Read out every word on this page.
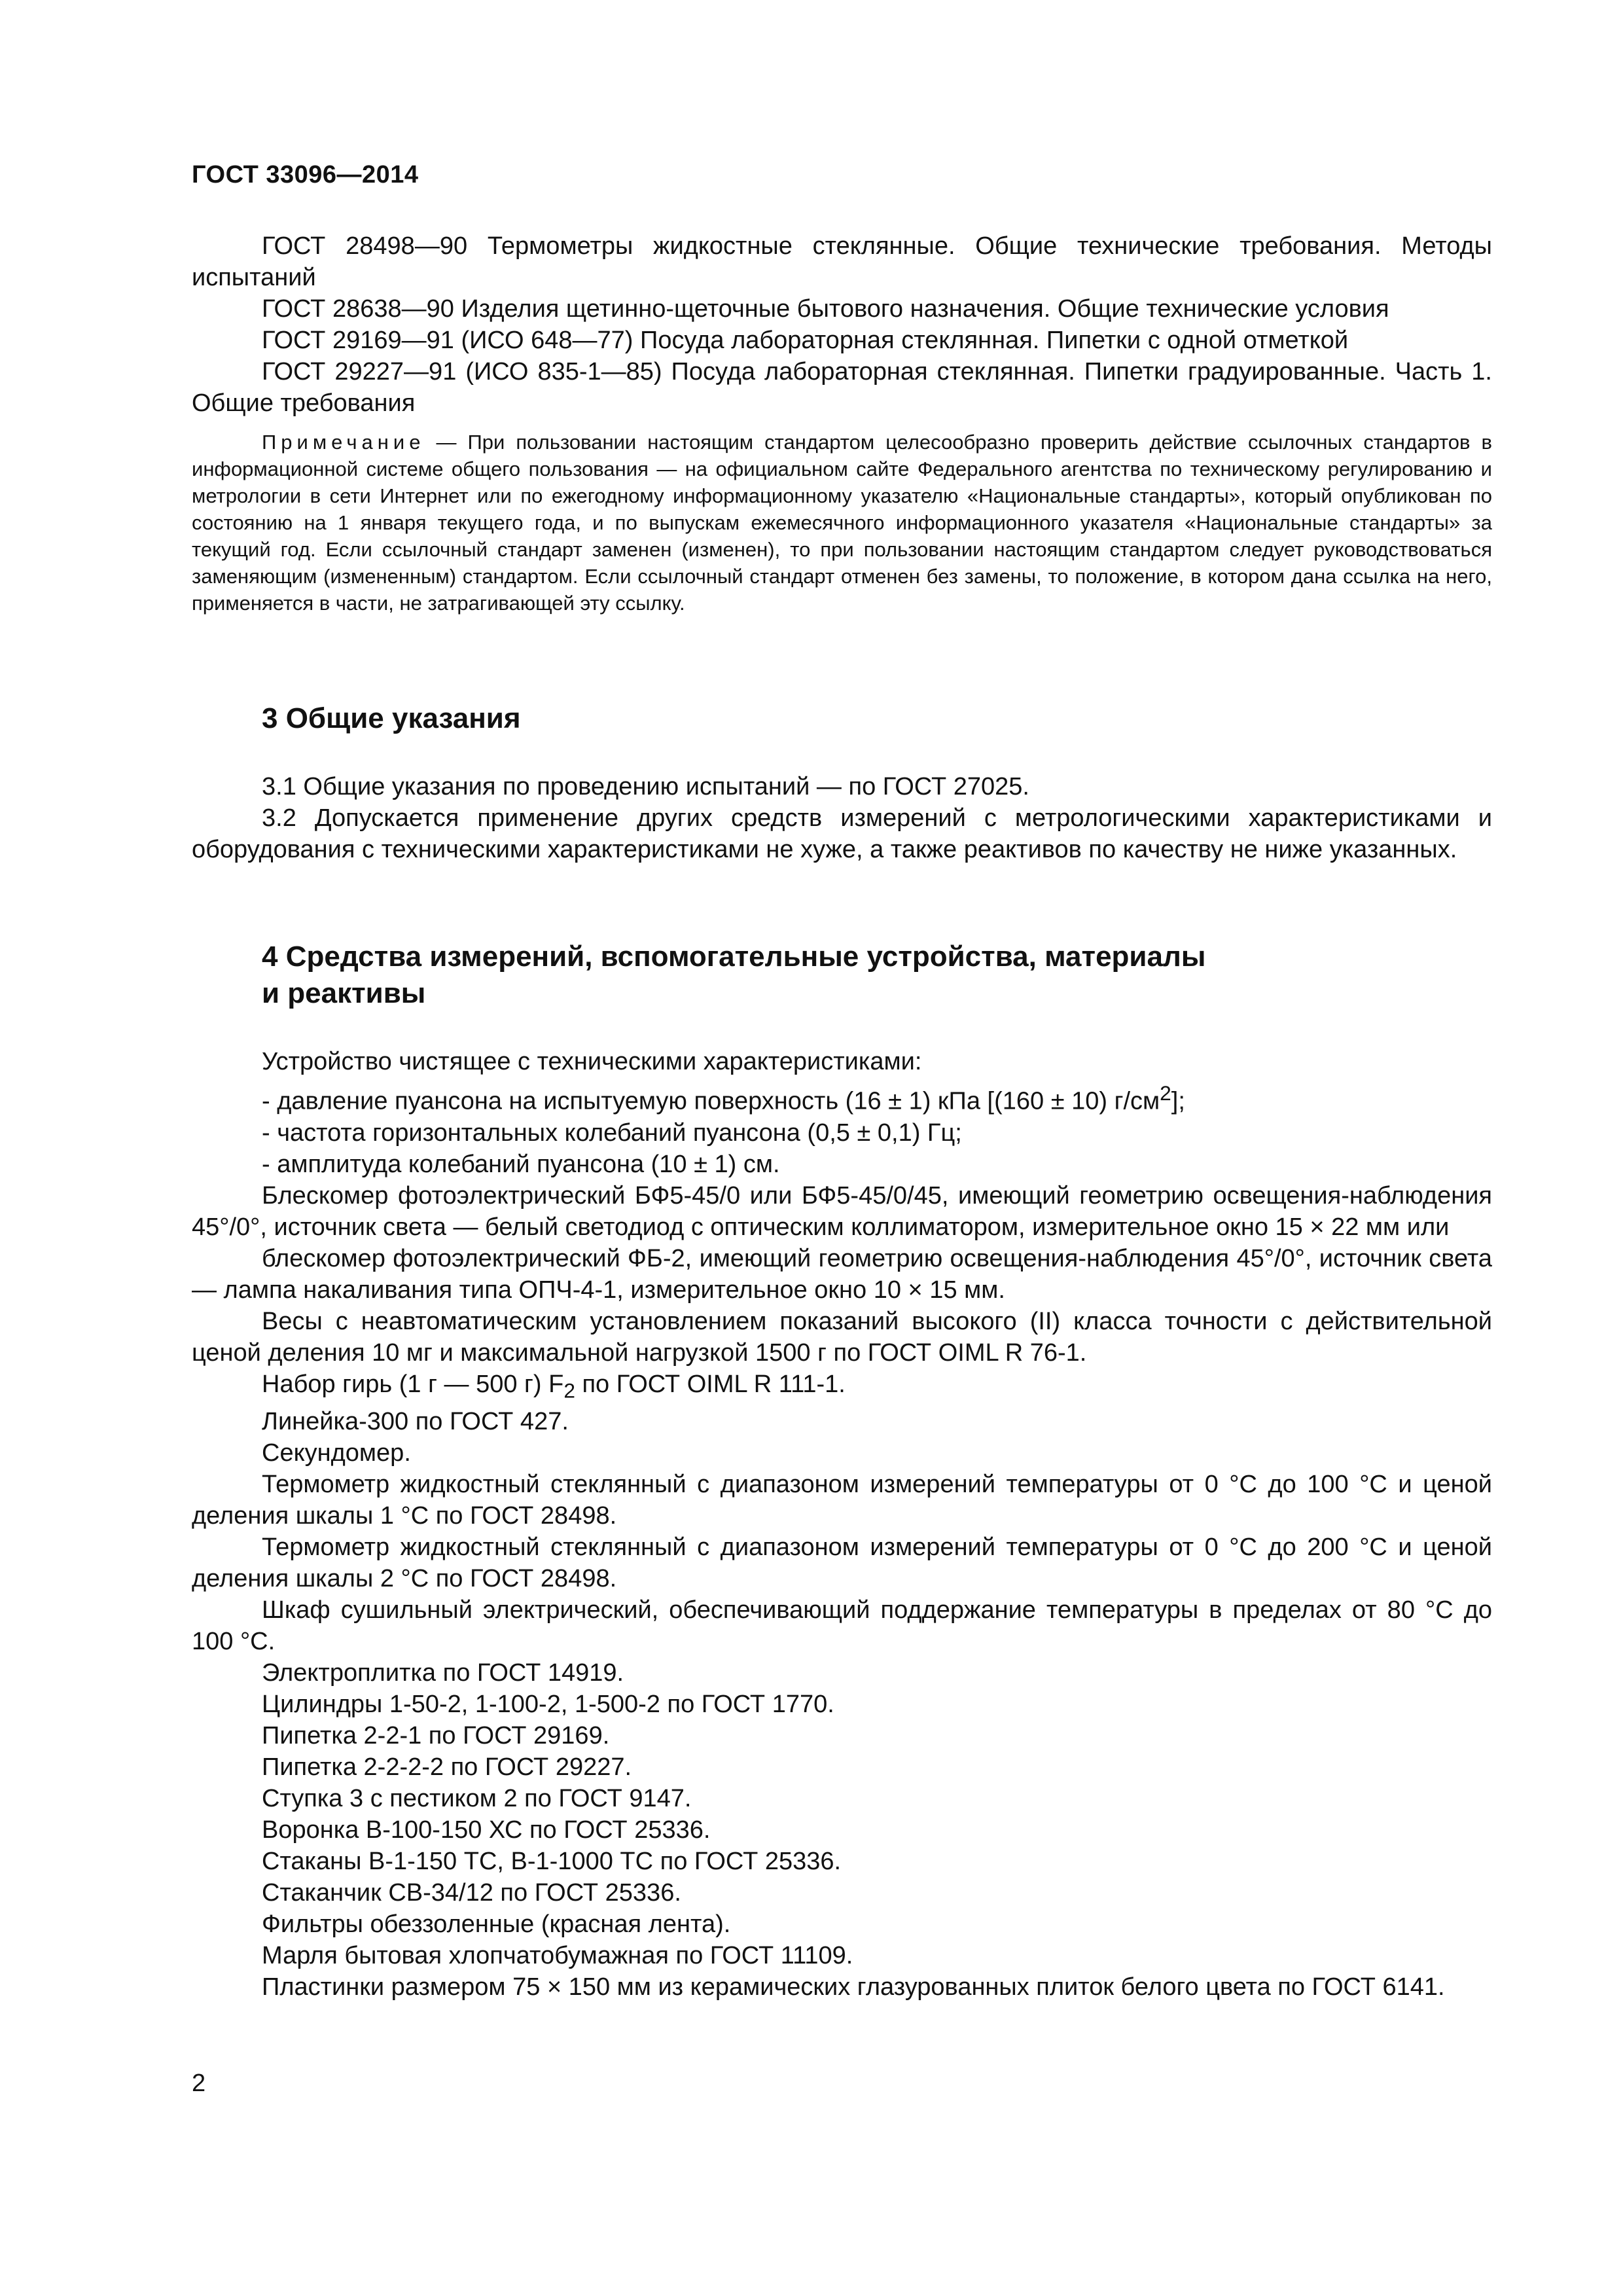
ГОСТ 33096—2014

ГОСТ 28498—90 Термометры жидкостные стеклянные. Общие технические требования. Методы испытаний

ГОСТ 28638—90 Изделия щетинно-щеточные бытового назначения. Общие технические условия

ГОСТ 29169—91 (ИСО 648—77) Посуда лабораторная стеклянная. Пипетки с одной отметкой

ГОСТ 29227—91 (ИСО 835-1—85) Посуда лабораторная стеклянная. Пипетки градуированные. Часть 1. Общие требования

Примечание — При пользовании настоящим стандартом целесообразно проверить действие ссылочных стандартов в информационной системе общего пользования — на официальном сайте Федерального агентства по техническому регулированию и метрологии в сети Интернет или по ежегодному информационному указателю «Национальные стандарты», который опубликован по состоянию на 1 января текущего года, и по выпускам ежемесячного информационного указателя «Национальные стандарты» за текущий год. Если ссылочный стандарт заменен (изменен), то при пользовании настоящим стандартом следует руководствоваться заменяющим (измененным) стандартом. Если ссылочный стандарт отменен без замены, то положение, в котором дана ссылка на него, применяется в части, не затрагивающей эту ссылку.

3 Общие указания

3.1 Общие указания по проведению испытаний — по ГОСТ 27025.

3.2 Допускается применение других средств измерений с метрологическими характеристиками и оборудования с техническими характеристиками не хуже, а также реактивов по качеству не ниже указанных.

4 Средства измерений, вспомогательные устройства, материалы
и реактивы

Устройство чистящее с техническими характеристиками:

- давление пуансона на испытуемую поверхность (16 ± 1) кПа [(160 ± 10) $г/см^2$];

- частота горизонтальных колебаний пуансона (0,5 ± 0,1) Гц;

- амплитуда колебаний пуансона (10 ± 1) см.

Блескомер фотоэлектрический БФ5-45/0 или БФ5-45/0/45, имеющий геометрию освещения-наблюдения 45°/0°, источник света — белый светодиод с оптическим коллиматором, измерительное окно 15 × 22 мм или

блескомер фотоэлектрический ФБ-2, имеющий геометрию освещения-наблюдения 45°/0°, источник света — лампа накаливания типа ОПЧ-4-1, измерительное окно 10 × 15 мм.

Весы с неавтоматическим установлением показаний высокого (II) класса точности с действительной ценой деления 10 мг и максимальной нагрузкой 1500 г по ГОСТ OIML R 76-1.

Набор гирь (1 г — 500 г) $F_2$ по ГОСТ OIML R 111-1.

Линейка-300 по ГОСТ 427.

Секундомер.

Термометр жидкостный стеклянный с диапазоном измерений температуры от 0 °С до 100 °С и ценой деления шкалы 1 °С по ГОСТ 28498.

Термометр жидкостный стеклянный с диапазоном измерений температуры от 0 °С до 200 °С и ценой деления шкалы 2 °С по ГОСТ 28498.

Шкаф сушильный электрический, обеспечивающий поддержание температуры в пределах от 80 °С до 100 °С.

Электроплитка по ГОСТ 14919.

Цилиндры 1-50-2, 1-100-2, 1-500-2 по ГОСТ 1770.

Пипетка 2-2-1 по ГОСТ 29169.

Пипетка 2-2-2-2 по ГОСТ 29227.

Ступка 3 с пестиком 2 по ГОСТ 9147.

Воронка В-100-150 ХС по ГОСТ 25336.

Стаканы В-1-150 ТС, В-1-1000 ТС по ГОСТ 25336.

Стаканчик СВ-34/12 по ГОСТ 25336.

Фильтры обеззоленные (красная лента).

Марля бытовая хлопчатобумажная по ГОСТ 11109.

Пластинки размером 75 × 150 мм из керамических глазурованных плиток белого цвета по ГОСТ 6141.

2
